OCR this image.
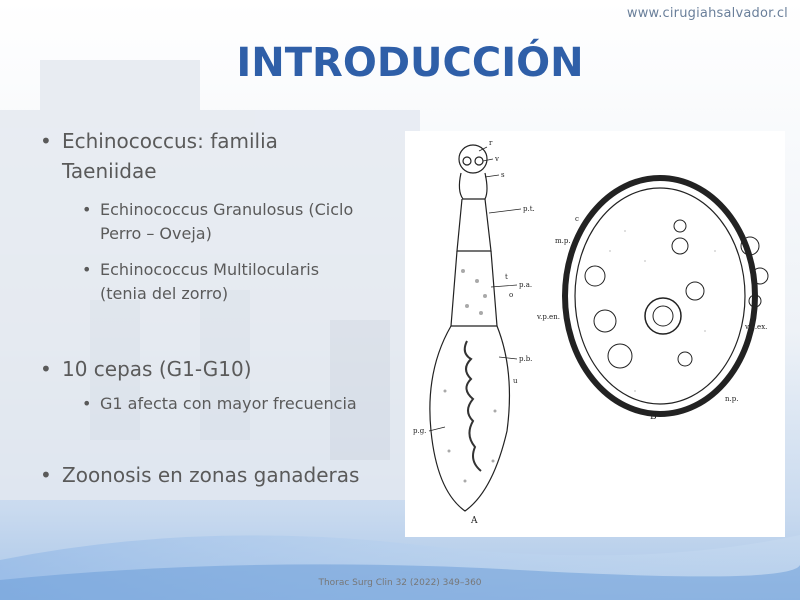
www.cirugiahsalvador.cl
INTRODUCCIÓN
• Echinococcus: familia
Taeniidae
• Echinococcus Granulosus (Ciclo
Perro – Oveja)
• Echinococcus Multilocularis
(tenia del zorro)
• 10 cepas (G1-G10)
• G1 afecta con mayor frecuencia
• Zoonosis en zonas ganaderas
r
v
s
p.t.
t
p.a.
o
p.b.
u
p.g.
A
c
m.p.
v.p.en.
v.p.ex.
n.p.
B
Thorac Surg Clin 32 (2022) 349–360
